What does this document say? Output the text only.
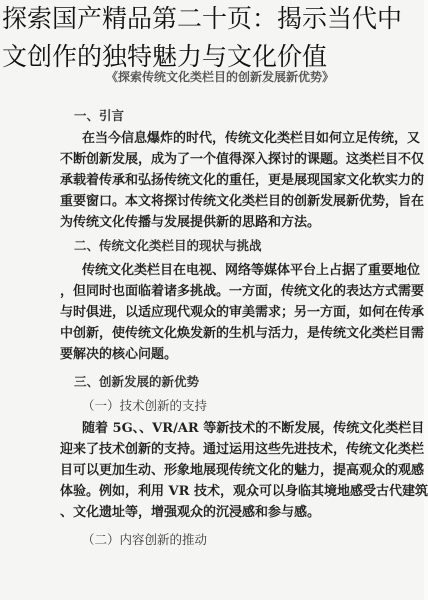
《探索传统文化类栏目的创新发展新优势》
一、引言
在当今信息爆炸的时代，传统文化类栏目如何立足传统，又
不断创新发展，成为了一个值得深入探讨的课题。这类栏目不仅
承载着传承和弘扬传统文化的重任，更是展现国家文化软实力的
重要窗口。本文将探讨传统文化类栏目的创新发展新优势，旨在
为传统文化传播与发展提供新的思路和方法。
二、传统文化类栏目的现状与挑战
传统文化类栏目在电视、网络等媒体平台上占据了重要地位
，但同时也面临着诸多挑战。一方面，传统文化的表达方式需要
与时俱进，以适应现代观众的审美需求；另一方面，如何在传承
中创新，使传统文化焕发新的生机与活力，是传统文化类栏目需
要解决的核心问题。
三、创新发展的新优势
（一）技术创新的支持
随着 5G、、VR/AR 等新技术的不断发展，传统文化类栏目
迎来了技术创新的支持。通过运用这些先进技术，传统文化类栏
目可以更加生动、形象地展现传统文化的魅力，提高观众的观感
体验。例如，利用 VR 技术，观众可以身临其境地感受古代建筑
、文化遗址等，增强观众的沉浸感和参与感。
（二）内容创新的推动
探索国产精品第二十页：揭示当代中
文创作的独特魅力与文化价值
